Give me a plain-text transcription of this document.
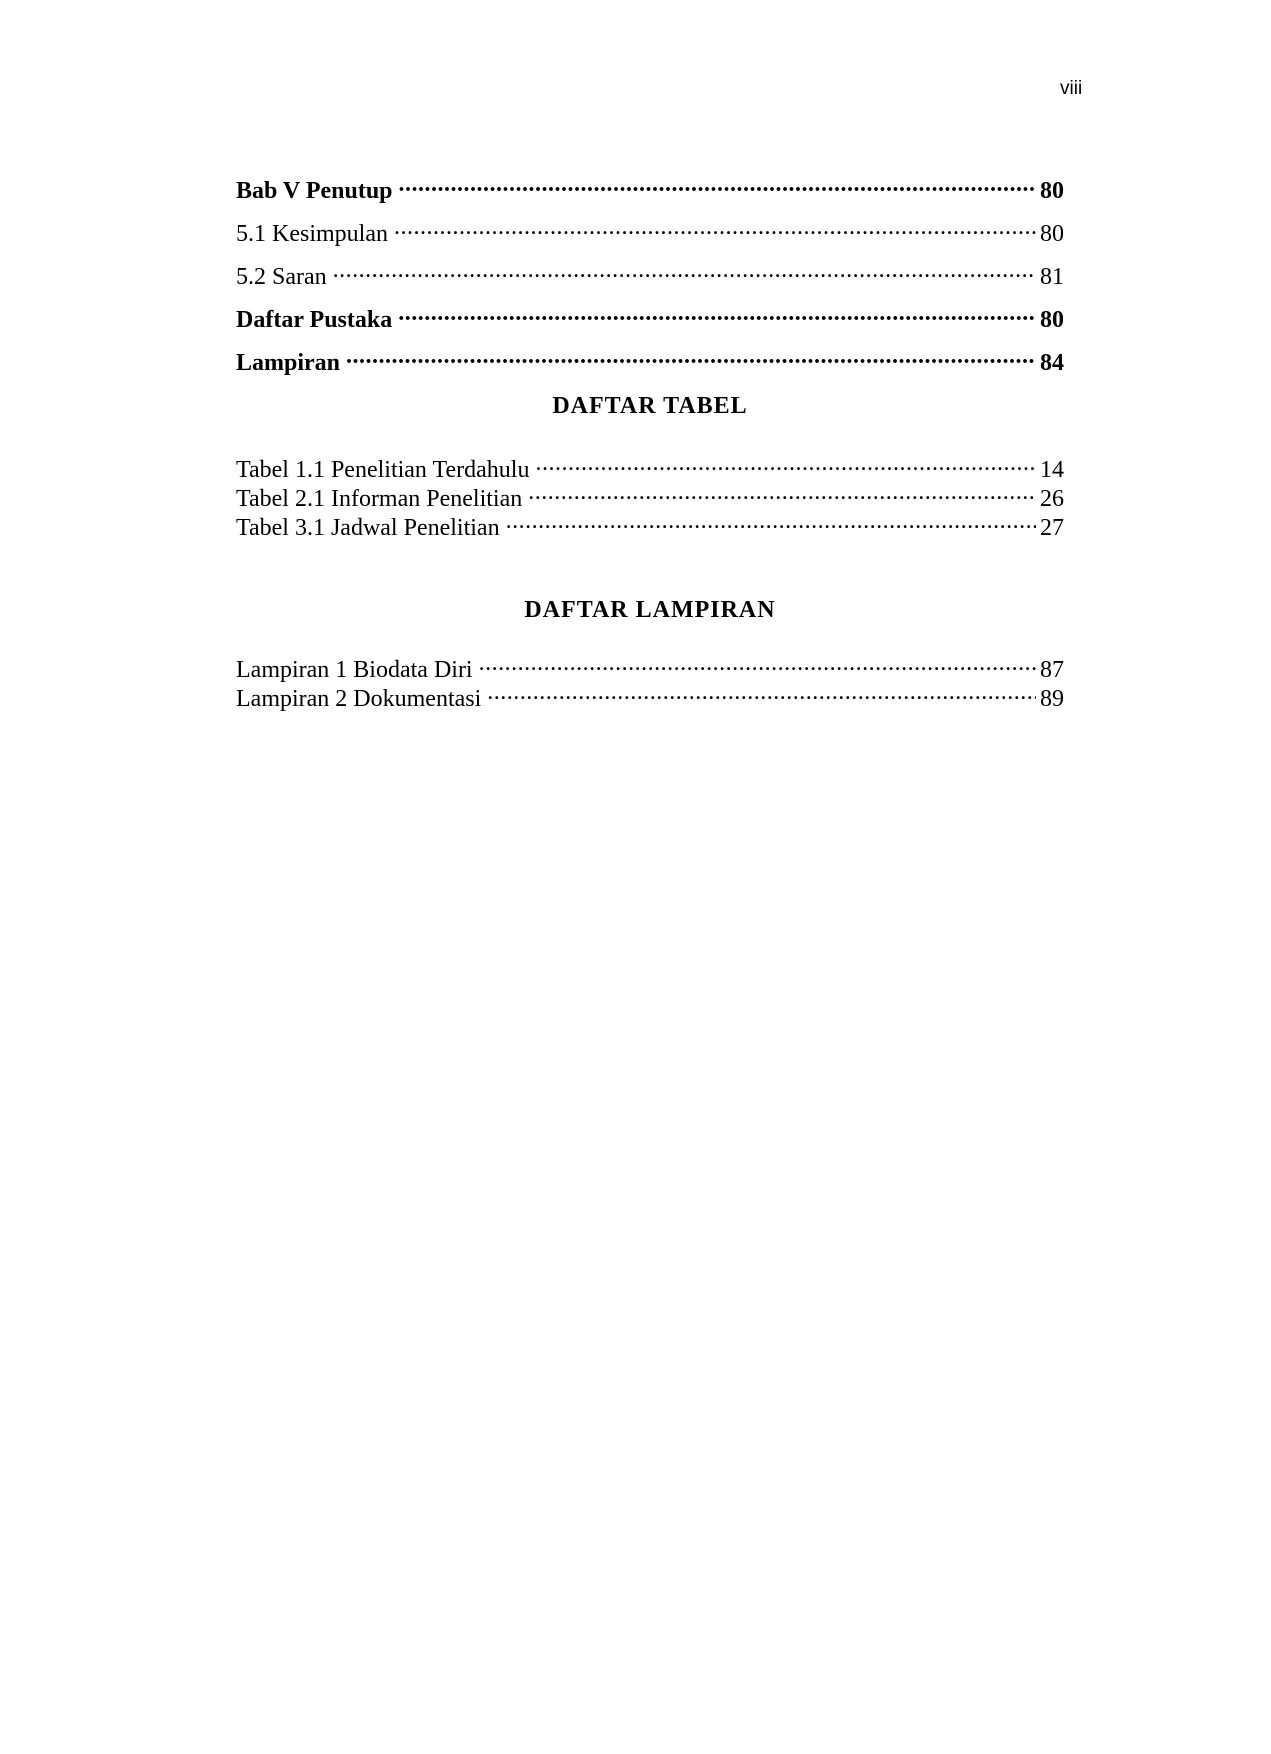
viii
Bab V Penutup .....	80
5.1 Kesimpulan .....	80
5.2 Saran .....	81
Daftar Pustaka .....	80
Lampiran .....	84
DAFTAR TABEL
Tabel 1.1 Penelitian Terdahulu .....	14
Tabel 2.1 Informan Penelitian .....	26
Tabel 3.1 Jadwal Penelitian .....	27
DAFTAR LAMPIRAN
Lampiran 1 Biodata Diri .....	87
Lampiran 2 Dokumentasi .....	89
